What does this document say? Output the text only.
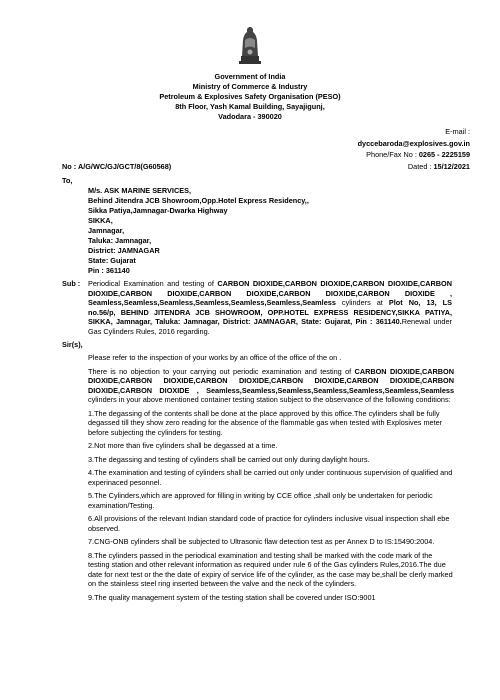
Government of India
Ministry of Commerce & Industry
Petroleum & Explosives Safety Organisation (PESO)
8th Floor, Yash Kamal Building, Sayajigunj,
Vadodara - 390020
E-mail :
dyccebaroda@explosives.gov.in
Phone/Fax No : 0265 - 2225159
No : A/G/WC/GJ/GCT/8(G60568)	Dated : 15/12/2021
To,
M/s. ASK MARINE SERVICES,
Behind Jitendra JCB Showroom,Opp.Hotel Express Residency,,
Sikka Patiya,Jamnagar-Dwarka Highway
SIKKA,
Jamnagar,
Taluka: Jamnagar,
District: JAMNAGAR
State: Gujarat
Pin : 361140
Sub : Periodical Examination and testing of CARBON DIOXIDE,CARBON DIOXIDE,CARBON DIOXIDE,CARBON DIOXIDE,CARBON DIOXIDE,CARBON DIOXIDE,CARBON DIOXIDE,CARBON DIOXIDE , Seamless,Seamless,Seamless,Seamless,Seamless,Seamless,Seamless cylinders at Plot No, 13, LS no.56/p, BEHIND JITENDRA JCB SHOWROOM, OPP.HOTEL EXPRESS RESIDENCY,SIKKA PATIYA, SIKKA, Jamnagar, Taluka: Jamnagar, District: JAMNAGAR, State: Gujarat, Pin : 361140.Renewal under Gas Cylinders Rules, 2016 regarding.
Sir(s),

Please refer to the inspection of your works by an office of the office of the on .

There is no objection to your carrying out periodic examination and testing of CARBON DIOXIDE,CARBON DIOXIDE,CARBON DIOXIDE,CARBON DIOXIDE,CARBON DIOXIDE,CARBON DIOXIDE,CARBON DIOXIDE,CARBON DIOXIDE , Seamless,Seamless,Seamless,Seamless,Seamless,Seamless,Seamless cylinders in your above mentioned container testing station subject to the observance of the following conditions:

1.The degassing of the contents shall be done at the place approved by this office.The cylinders shall be fully degassed till they show zero reading for the absence of the flammable gas when tested with Explosives meter before subjecting the cylinders for testing.

2.Not more than five cylinders shall be degassed at a time.

3.The degassing and testing of cylinders shall be carried out only during daylight hours.

4.The examination and testing of cylinders shall be carried out only under continuous supervision of qualified and experinaced pesonnel.

5.The Cylinders,which are approved for filling in writing by CCE office ,shall only be undertaken for periodic examination/Testing.

6.All provisions of the relevant Indian standard code of practice for cylinders inclusive visual inspection shall ebe observed.

7.CNG-ONB cylinders shall be subjected to Ultrasonic flaw detection test as per Annex D to IS:15490:2004.

8.The cylinders passed in the periodical examination and testing shall be marked with the code mark of the testing station and other relevant information as required under rule 6 of the Gas cylinders Rules,2016.The due date for next test or the the date of expiry of service life of the cylinder, as the case may be,shall be clerly marked on the stainless steel ring inserted between the valve and the neck of the cylinders.

9.The quality management system of the testing station shall be covered under ISO:9001
